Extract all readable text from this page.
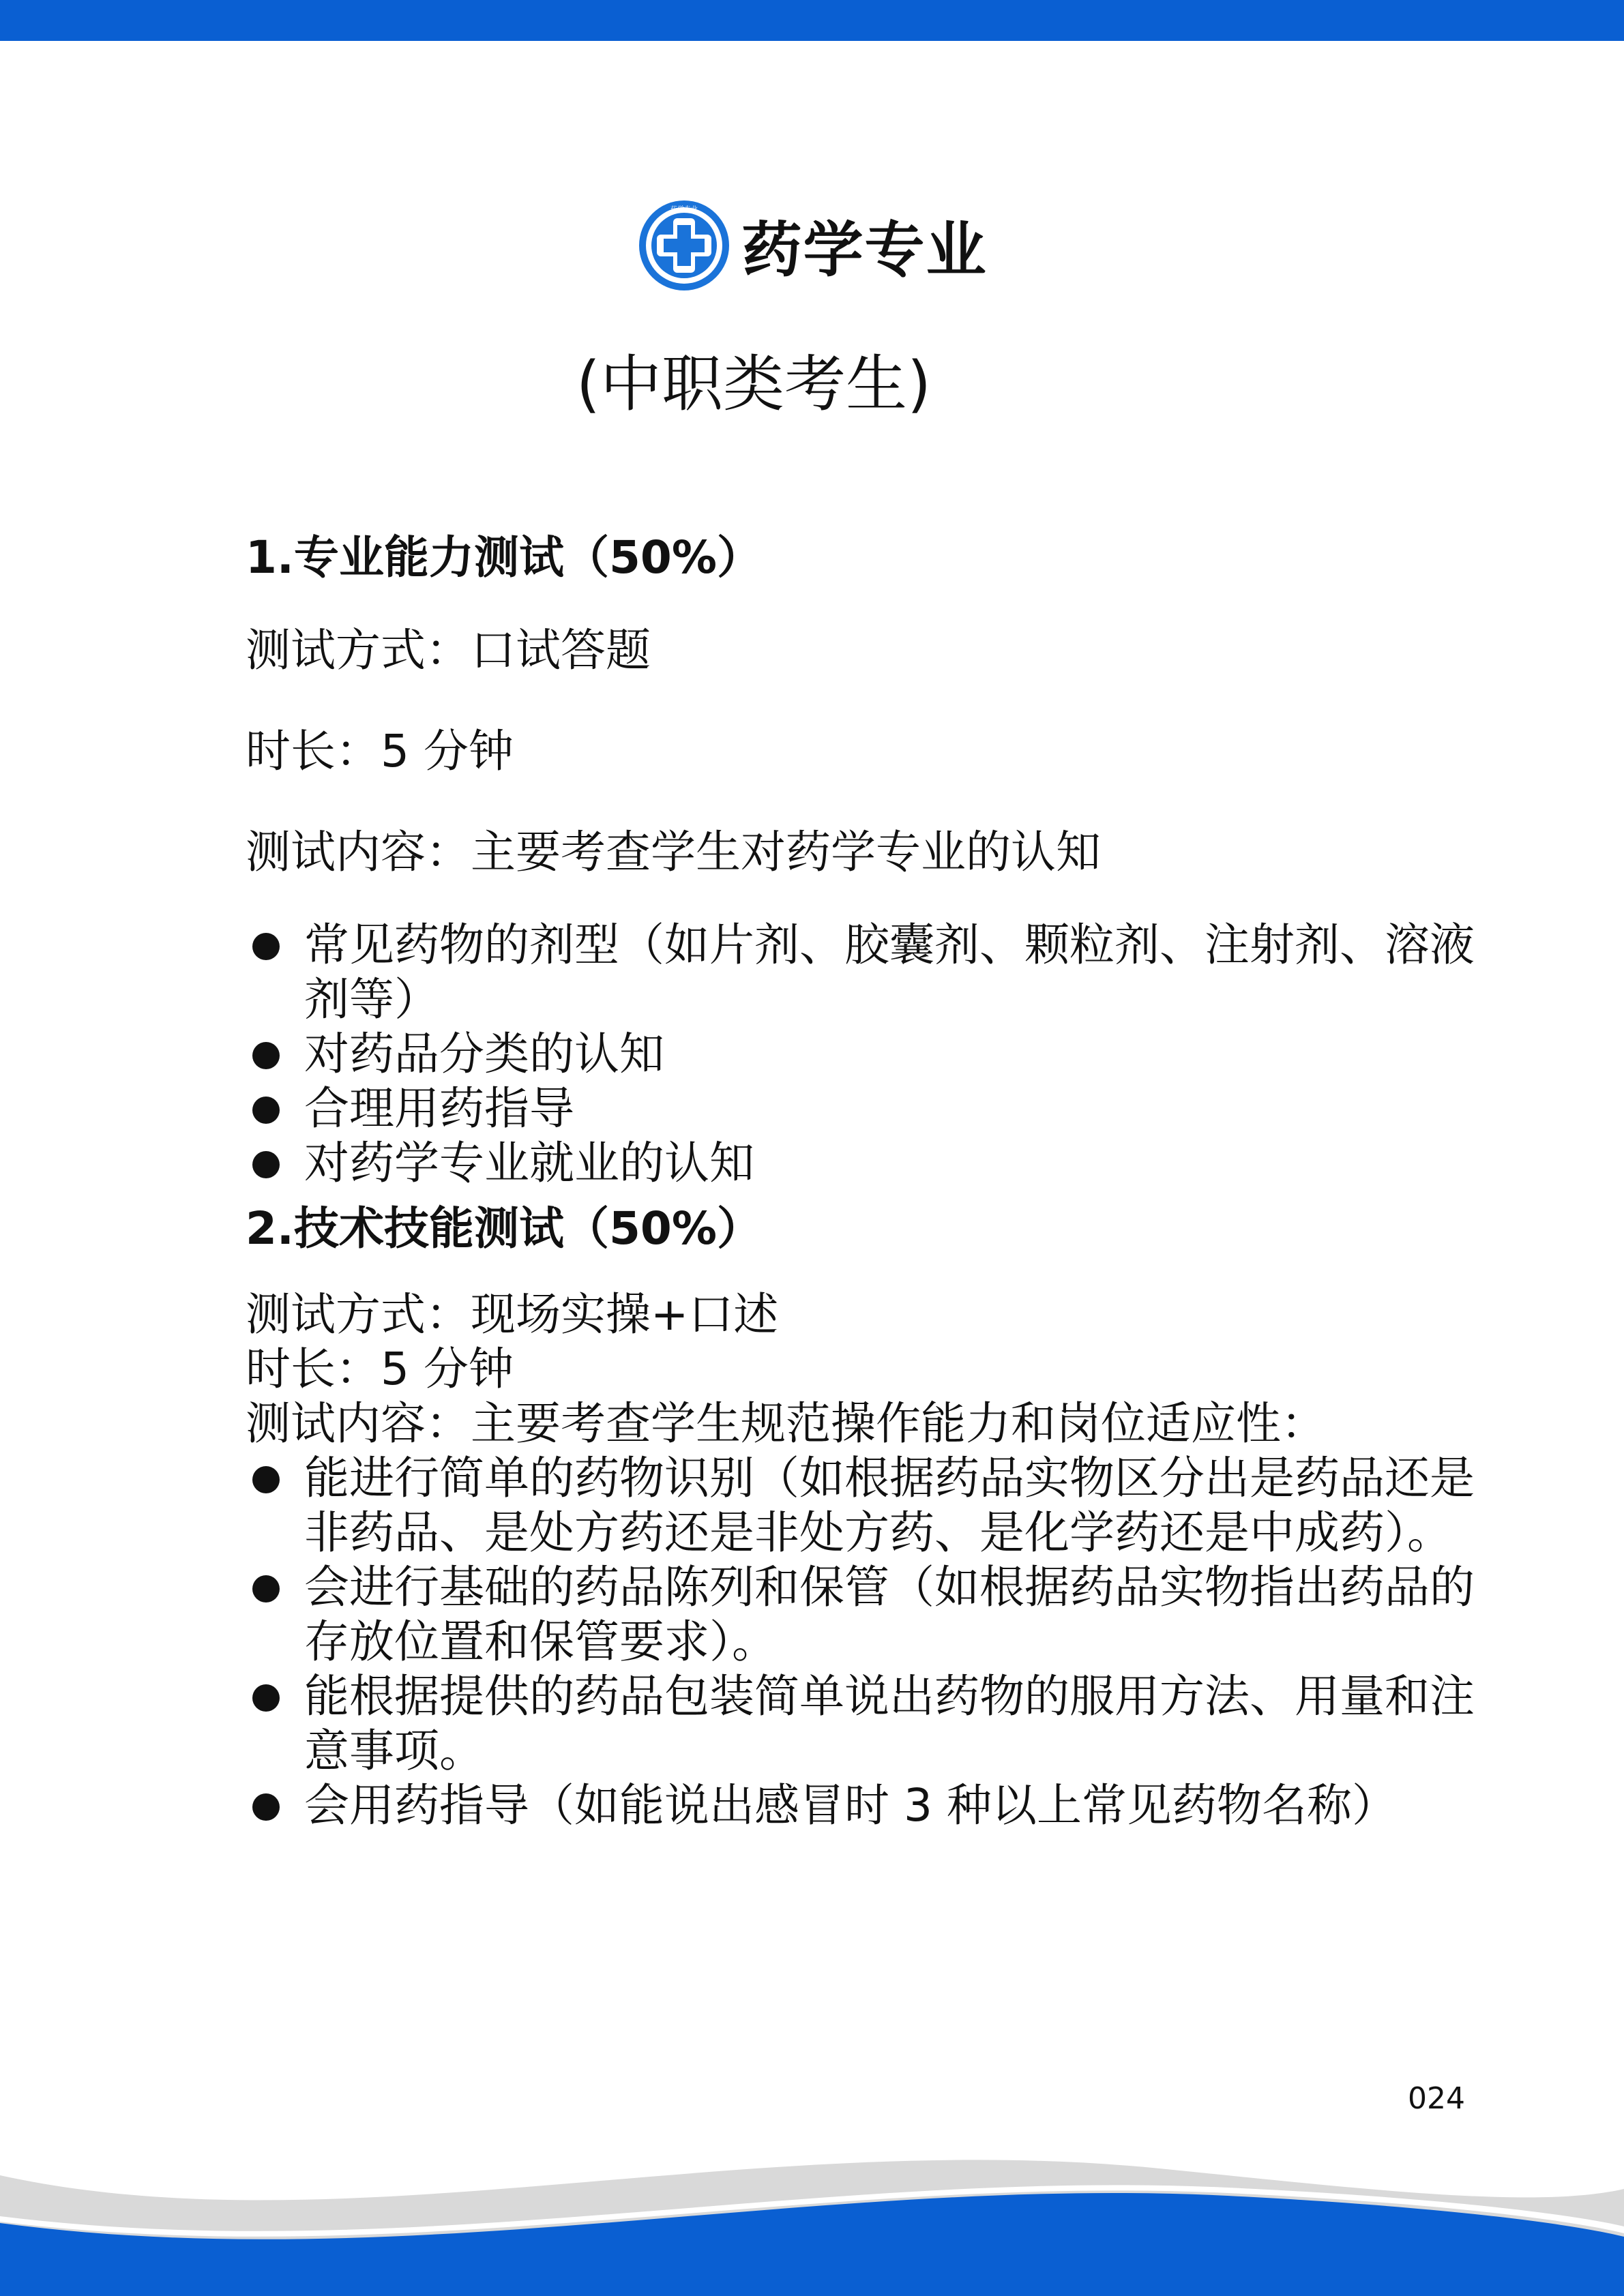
药学专业
药学专业
(中职类考生)

1.专业能力测试（50%）

测试方式：口试答题

时长：5 分钟

测试内容：主要考查学生对药学专业的认知

常见药物的剂型（如片剂、胶囊剂、颗粒剂、注射剂、溶液剂等）
对药品分类的认知
合理用药指导
对药学专业就业的认知

2.技术技能测试（50%）

测试方式：现场实操+口述

时长：5 分钟

测试内容：主要考查学生规范操作能力和岗位适应性：

能进行简单的药物识别（如根据药品实物区分出是药品还是非药品、是处方药还是非处方药、是化学药还是中成药）。
会进行基础的药品陈列和保管（如根据药品实物指出药品的存放位置和保管要求）。
能根据提供的药品包装简单说出药物的服用方法、用量和注意事项。
会用药指导（如能说出感冒时 3 种以上常见药物名称）
024
